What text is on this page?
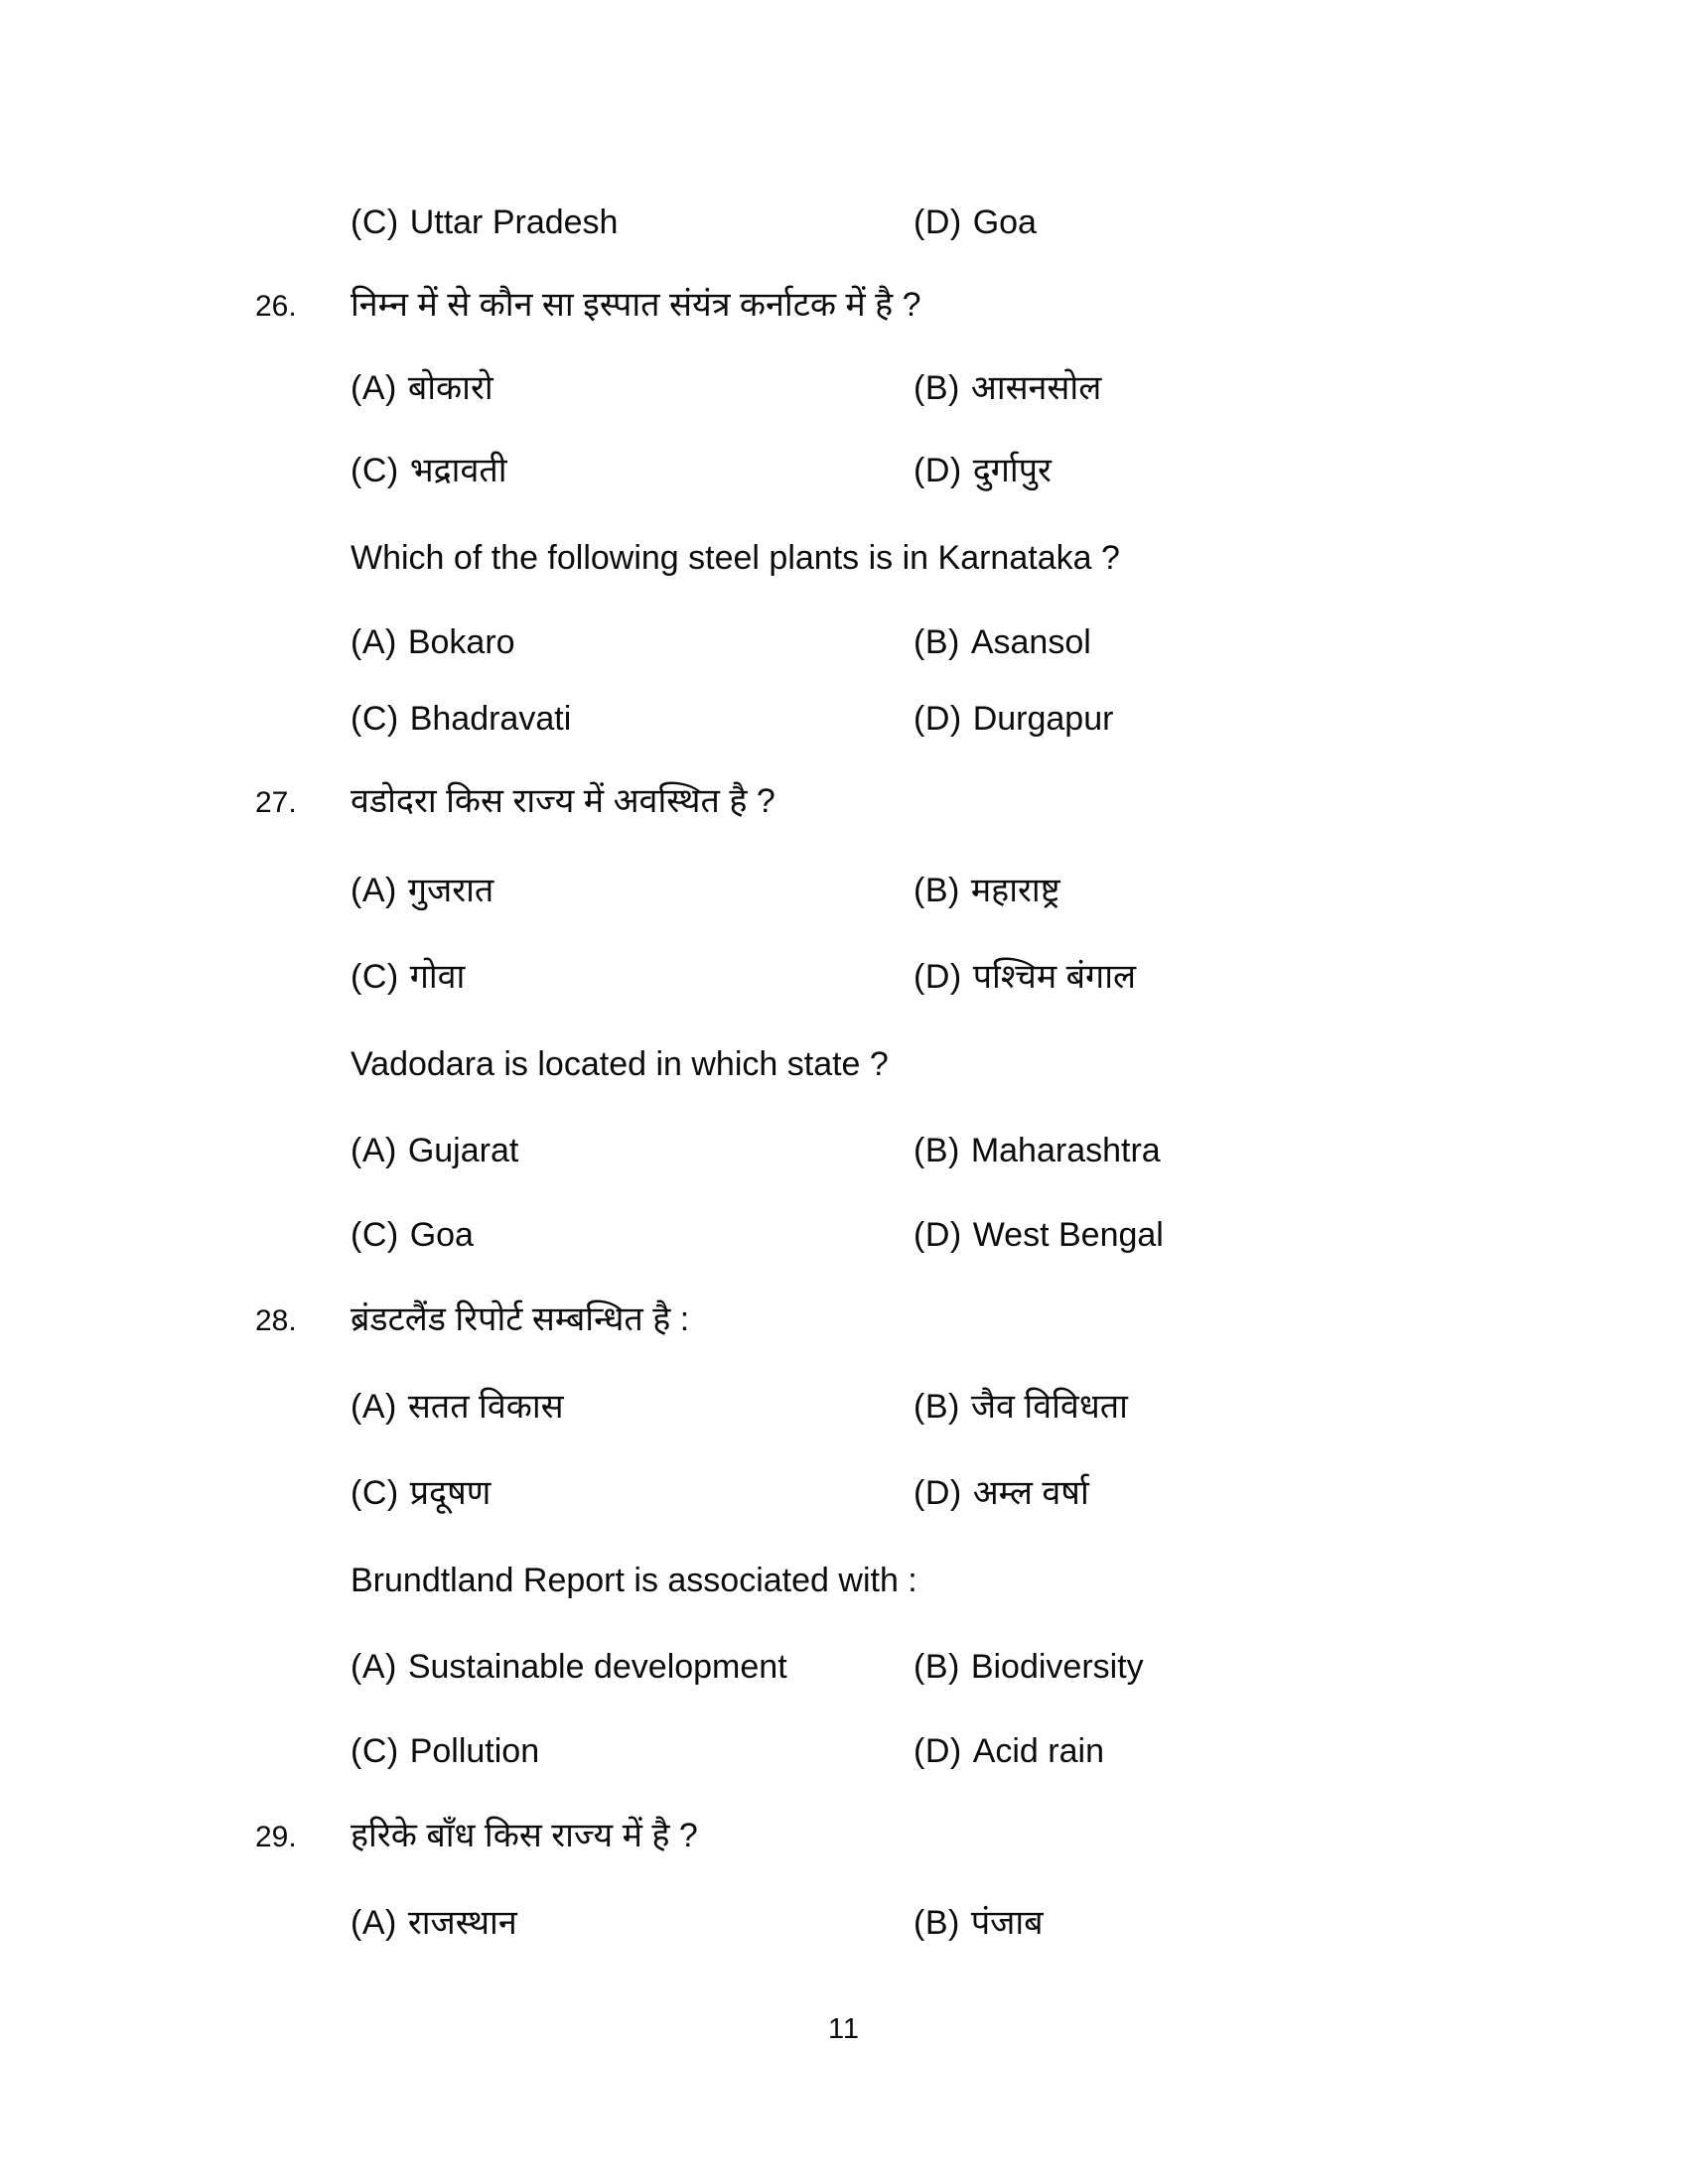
(C) Uttar Pradesh	(D) Goa
26. निम्न में से कौन सा इस्पात संयंत्र कर्नाटक में है ?
(A) बोकारो	(B) आसनसोल
(C) भद्रावती	(D) दुर्गापुर
Which of the following steel plants is in Karnataka ?
(A) Bokaro	(B) Asansol
(C) Bhadravati	(D) Durgapur
27. वडोदरा किस राज्य में अवस्थित है ?
(A) गुजरात	(B) महाराष्ट्र
(C) गोवा	(D) पश्चिम बंगाल
Vadodara is located in which state ?
(A) Gujarat	(B) Maharashtra
(C) Goa	(D) West Bengal
28. ब्रंडटलैंड रिपोर्ट सम्बन्धित है :
(A) सतत विकास	(B) जैव विविधता
(C) प्रदूषण	(D) अम्ल वर्षा
Brundtland Report is associated with :
(A) Sustainable development	(B) Biodiversity
(C) Pollution	(D) Acid rain
29. हरिके बाँध किस राज्य में है ?
(A) राजस्थान	(B) पंजाब
11
